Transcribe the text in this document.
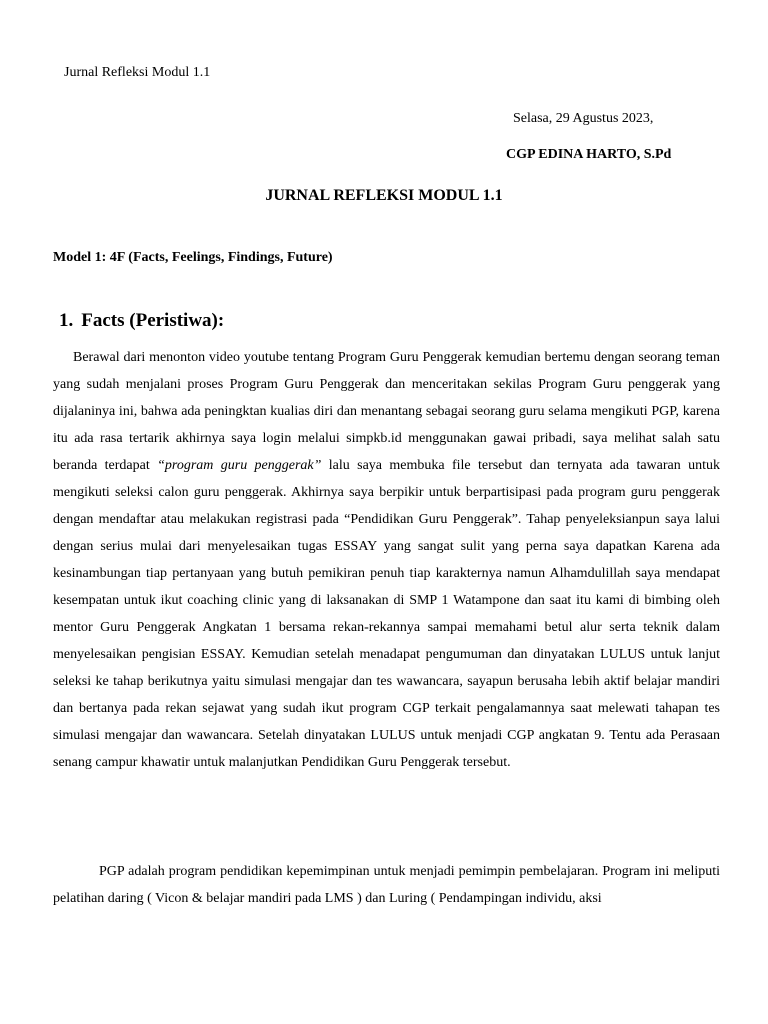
Jurnal Refleksi Modul 1.1
Selasa, 29 Agustus 2023,
CGP EDINA HARTO, S.Pd
JURNAL REFLEKSI MODUL 1.1
Model 1: 4F (Facts, Feelings, Findings, Future)
1. Facts (Peristiwa):

Berawal dari menonton video youtube tentang Program Guru Penggerak kemudian bertemu dengan seorang teman yang sudah menjalani proses Program Guru Penggerak dan menceritakan sekilas Program Guru penggerak yang dijalaninya ini, bahwa ada peningktan kualias diri dan menantang sebagai seorang guru selama mengikuti PGP, karena itu ada rasa tertarik akhirnya saya login melalui simpkb.id menggunakan gawai pribadi, saya melihat salah satu beranda terdapat “program guru penggerak” lalu saya membuka file tersebut dan ternyata ada tawaran untuk mengikuti seleksi calon guru penggerak. Akhirnya saya berpikir untuk berpartisipasi pada program guru penggerak dengan mendaftar atau melakukan registrasi pada “Pendidikan Guru Penggerak”. Tahap penyeleksianpun saya lalui dengan serius mulai dari menyelesaikan tugas ESSAY yang sangat sulit yang perna saya dapatkan Karena ada kesinambungan tiap pertanyaan yang butuh pemikiran penuh tiap karakternya namun Alhamdulillah saya mendapat kesempatan untuk ikut coaching clinic yang di laksanakan di SMP 1 Watampone dan saat itu kami di bimbing oleh mentor Guru Penggerak Angkatan 1 bersama rekan-rekannya sampai memahami betul alur serta teknik dalam menyelesaikan pengisian ESSAY. Kemudian setelah menadapat pengumuman dan dinyatakan LULUS untuk lanjut seleksi ke tahap berikutnya yaitu simulasi mengajar dan tes wawancara, sayapun berusaha lebih aktif belajar mandiri dan bertanya pada rekan sejawat yang sudah ikut program CGP terkait pengalamannya saat melewati tahapan tes simulasi mengajar dan wawancara. Setelah dinyatakan LULUS untuk menjadi CGP angkatan 9. Tentu ada Perasaan senang campur khawatir untuk malanjutkan Pendidikan Guru Penggerak tersebut.

PGP adalah program pendidikan kepemimpinan untuk menjadi pemimpin pembelajaran. Program ini meliputi pelatihan daring ( Vicon & belajar mandiri pada LMS ) dan Luring ( Pendampingan individu, aksi
